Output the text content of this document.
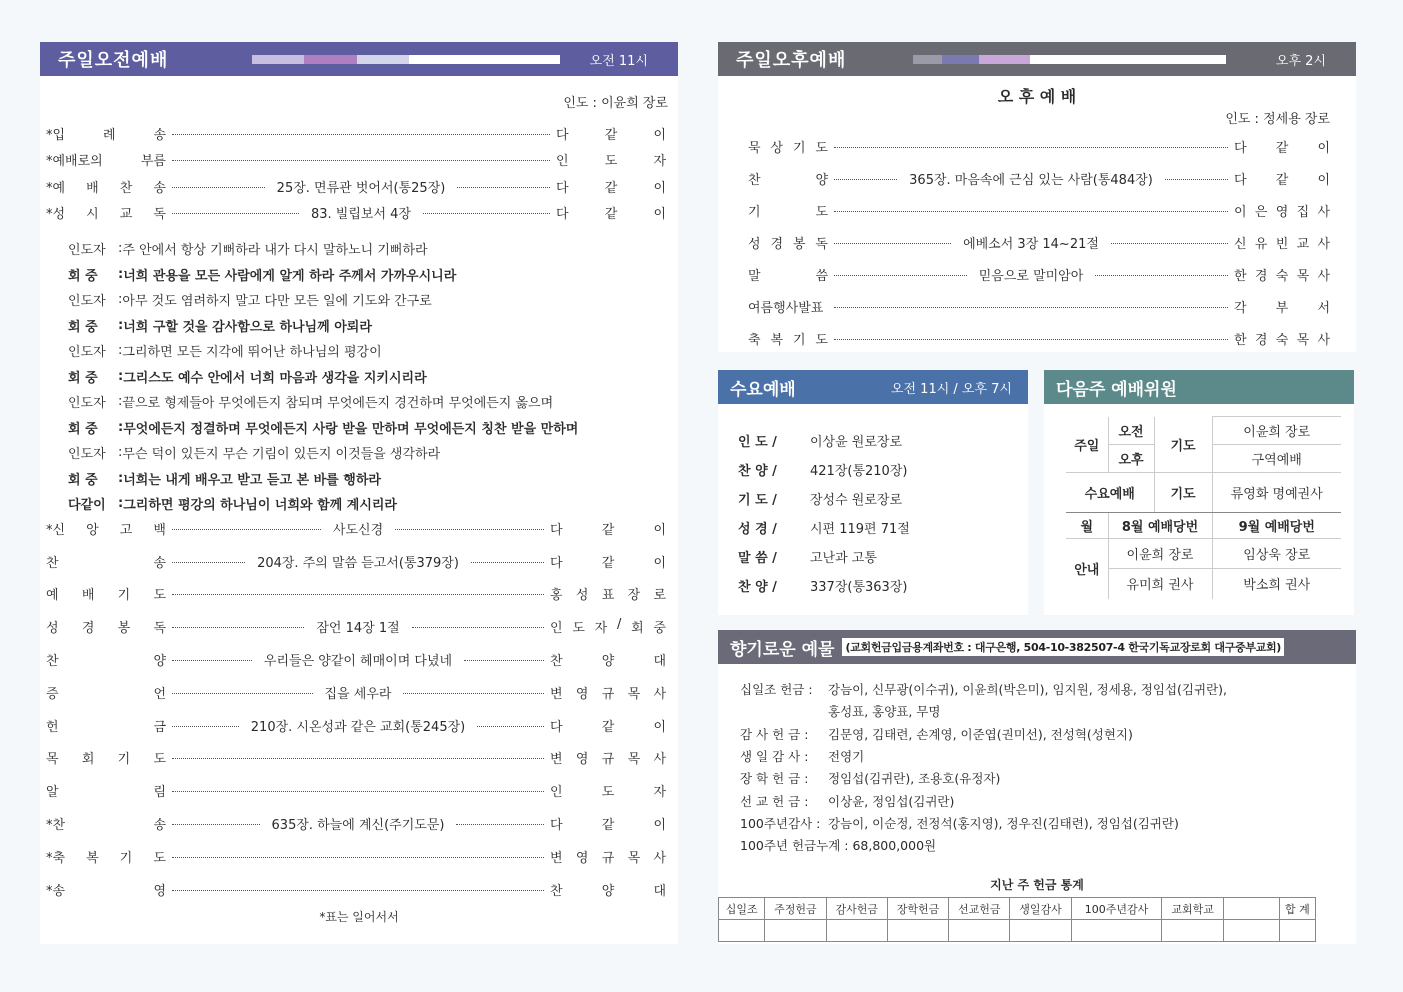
주일오전예배	오전 11시
인도 : 이윤희 장로
*입	례	송	다	같	이
*예배로의	부름	인	도	자
*예 배 찬 송	25장. 면류관 벗어서(통25장)	다	같	이
*성 시 교 독	83. 빌립보서 4장	다	같	이
인도자 : 주 안에서 항상 기뻐하라 내가 다시 말하노니 기뻐하라
회 중	: 너희 관용을 모든 사람에게 알게 하라 주께서 가까우시니라
인도자 : 아무 것도 염려하지 말고 다만 모든 일에 기도와 간구로
회 중	: 너희 구할 것을 감사함으로 하나님께 아뢰라
인도자 : 그리하면 모든 지각에 뛰어난 하나님의 평강이
회 중	: 그리스도 예수 안에서 너희 마음과 생각을 지키시리라
인도자 : 끝으로 형제들아 무엇에든지 참되며 무엇에든지 경건하며 무엇에든지 옳으며
회 중	: 무엇에든지 정결하며 무엇에든지 사랑 받을 만하며 무엇에든지 칭찬 받을 만하며
인도자 : 무슨 덕이 있든지 무슨 기림이 있든지 이것들을 생각하라
회 중	: 너희는 내게 배우고 받고 듣고 본 바를 행하라
다같이 : 그리하면 평강의 하나님이 너희와 함께 계시리라
*신 앙 고 백	사도신경	다	같	이
찬	송	204장. 주의 말씀 듣고서(통379장)	다	같	이
예 배 기 도	홍 성 표 장 로
성 경 봉 독	잠언 14장 1절	인 도 자 / 회 중
찬	양	우리들은 양같이 헤매이며 다녔네	찬	양	대
증	언	집을 세우라	변 영 규 목 사
헌	금	210장. 시온성과 같은 교회(통245장)	다	같	이
목 회 기 도	변 영 규 목 사
알	림	인	도	자
*찬	송	635장. 하늘에 계신(주기도문)	다	같	이
*축 복 기 도	변 영 규 목 사
*송	영	찬	양	대
*표는 일어서서
주일오후예배	오후 2시
오 후 예 배
인도 : 정세용 장로
묵 상 기 도	다 같 이
찬	양	365장. 마음속에 근심 있는 사람(통484장)	다 같 이
기	도	이 은 영 집 사
성 경 봉 독	에베소서 3장 14~21절	신 유 빈 교 사
말	씀	믿음으로 말미암아	한 경 숙 목 사
여름행사발표	각 부 서
축 복 기 도	한 경 숙 목 사
수요예배	오전 11시 / 오후 7시
인 도 /	이상윤 원로장로
찬 양 /	421장(통210장)
기 도 /	장성수 원로장로
성 경 /	시편 119편 71절
말 씀 /	고난과 고통
찬 양 /	337장(통363장)
다음주 예배위원
주일	오전	기도	이윤희 장로
	오후		구역예배
수요예배		기도	류영화 명예권사
월	8월 예배당번		9월 예배당번
안내	이윤희 장로		임상욱 장로
	유미희 권사		박소희 권사
향기로운 예물 (교회헌금입금용계좌번호 : 대구은행, 504-10-382507-4 한국기독교장로회 대구중부교회)
십일조 헌금 :	강늠이, 신무광(이수귀), 이윤희(박은미), 임지원, 정세용, 정임섭(김귀란),
홍성표, 홍양표, 무명
감 사 헌 금 :	김문영, 김태련, 손계영, 이준엽(권미선), 전성혁(성현지)
생 일 감 사 :	전영기
장 학 헌 금 :	정임섭(김귀란), 조용호(유정자)
선 교 헌 금 :	이상윤, 정임섭(김귀란)
100주년감사 : 강늠이, 이순정, 전정석(홍지영), 정우진(김태련), 정임섭(김귀란)
100주년 헌금누계 : 68,800,000원
지난 주 헌금 통계
십일조	주정헌금	감사헌금	장학헌금	선교헌금	생일감사	100주년감사	교회학교		합 계
